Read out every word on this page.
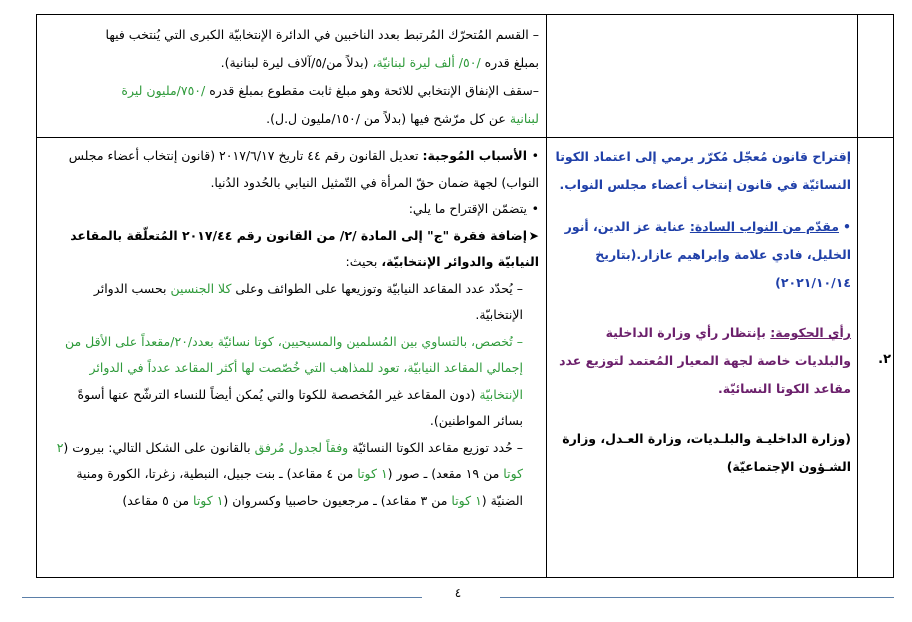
– القسم المُتحرّك المُرتبط بعدد الناخبين في الدائرة الإنتخابيّة الكبرى التي يُنتخب فيها

بمبلغ قدره /٥٠/ ألف ليرة لبنانيّة، (بدلاً من/٥/آلاف ليرة لبنانية).

–سقف الإنفاق الإنتخابي للائحة وهو مبلغ ثابت مقطوع بمبلغ قدره /٧٥٠/مليون ليرة

لبنانية عن كل مرّشح فيها (بدلاً من /١٥٠/مليون ل.ل).

•الأسباب المُوجبة: تعديل القانون رقم ٤٤ تاريخ ٢٠١٧/٦/١٧ (قانون إنتخاب أعضاء مجلس النواب) لجهة ضمان حقّ المرأة في التّمثيل النيابي بالحُدود الدُنيا.

•يتضمّن الإقتراح ما يلي:

➤إضافة فقرة "ج" إلى المادة /٢/ من القانون رقم ٢٠١٧/٤٤ المُتعلّقة بالمقاعد النيابيّة والدوائر الإنتخابيّة، بحيث:

– يُحدّد عدد المقاعد النيابيّة وتوزيعها على الطوائف وعلى كلا الجنسين بحسب الدوائر الإنتخابيّة.

– تُخصص، بالتساوي بين المُسلمين والمسيحيين، كوتا نسائيّة بعدد/٢٠/مقعداً على الأقل من إجمالي المقاعد النيابيّة، تعود للمذاهب التي خُصّصت لها أكثر المقاعد عدداً في الدوائر الإنتخابيّة (دون المقاعد غير المُخصصة للكوتا والتي يُمكن أيضاً للنساء الترشّح عنها أسوةً بسائر المواطنين).

– حُدد توزيع مقاعد الكوتا النسائيّة وفقاً لجدول مُرفق بالقانون على الشكل التالي: بيروت (٢ كوتا من ١٩ مقعد) ـ صور (١ كوتا من ٤ مقاعد) ـ بنت جبيل، النبطية، زغرتا، الكورة ومنية الضنيّة (١ كوتا من ٣ مقاعد) ـ مرجعيون حاصبيا وكسروان (١ كوتا من ٥ مقاعد)

إقتراح قانون مُعجّل مُكرّر يرمي إلى اعتماد الكوتا النسائيّة في قانون إنتخاب أعضاء مجلس النواب.

•مقدّم من النواب السادة: عناية عز الدين، أنور الخليل، فادي علامة وإبراهيم عازار.(بتاريخ ٢٠٢١/١٠/١٤)

رأي الحكومة: بإنتظار رأي وزارة الداخلية والبلديات خاصة لجهة المعيار المُعتمد لتوزيع عدد مقاعد الكوتا النسائيّة.

(وزارة الداخليـة والبلـديات، وزارة العـدل، وزارة الشـؤون الإجتماعيّة)

٢.
٤
